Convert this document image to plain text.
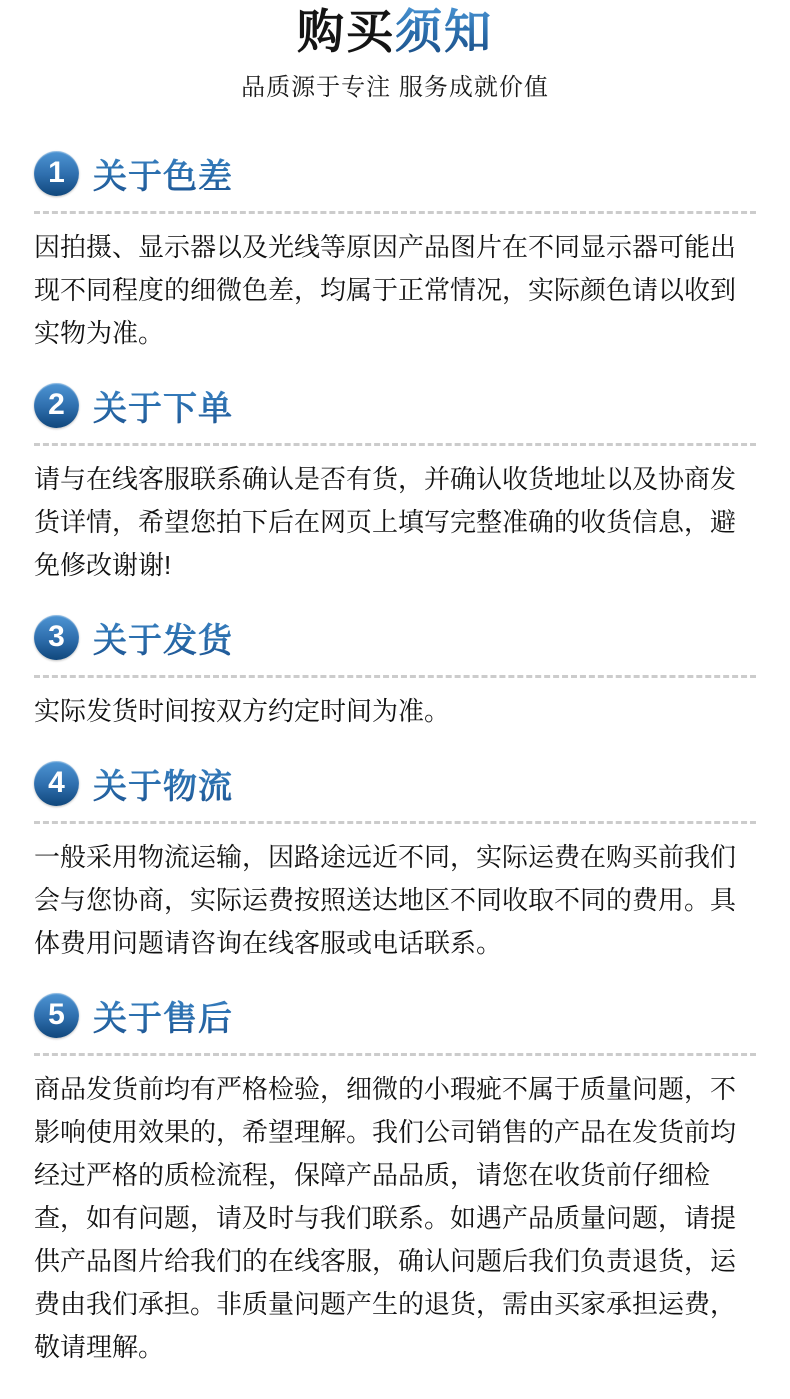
购买须知
品质源于专注 服务成就价值
1 关于色差

因拍摄、显示器以及光线等原因产品图片在不同显示器可能出现不同程度的细微色差，均属于正常情况，实际颜色请以收到实物为准。

2 关于下单

请与在线客服联系确认是否有货，并确认收货地址以及协商发货详情，希望您拍下后在网页上填写完整准确的收货信息，避免修改谢谢!

3 关于发货

实际发货时间按双方约定时间为准。

4 关于物流

一般采用物流运输，因路途远近不同，实际运费在购买前我们会与您协商，实际运费按照送达地区不同收取不同的费用。具体费用问题请咨询在线客服或电话联系。

5 关于售后

商品发货前均有严格检验，细微的小瑕疵不属于质量问题，不影响使用效果的，希望理解。我们公司销售的产品在发货前均经过严格的质检流程，保障产品品质，请您在收货前仔细检查，如有问题，请及时与我们联系。如遇产品质量问题，请提供产品图片给我们的在线客服，确认问题后我们负责退货，运费由我们承担。非质量问题产生的退货，需由买家承担运费，敬请理解。
